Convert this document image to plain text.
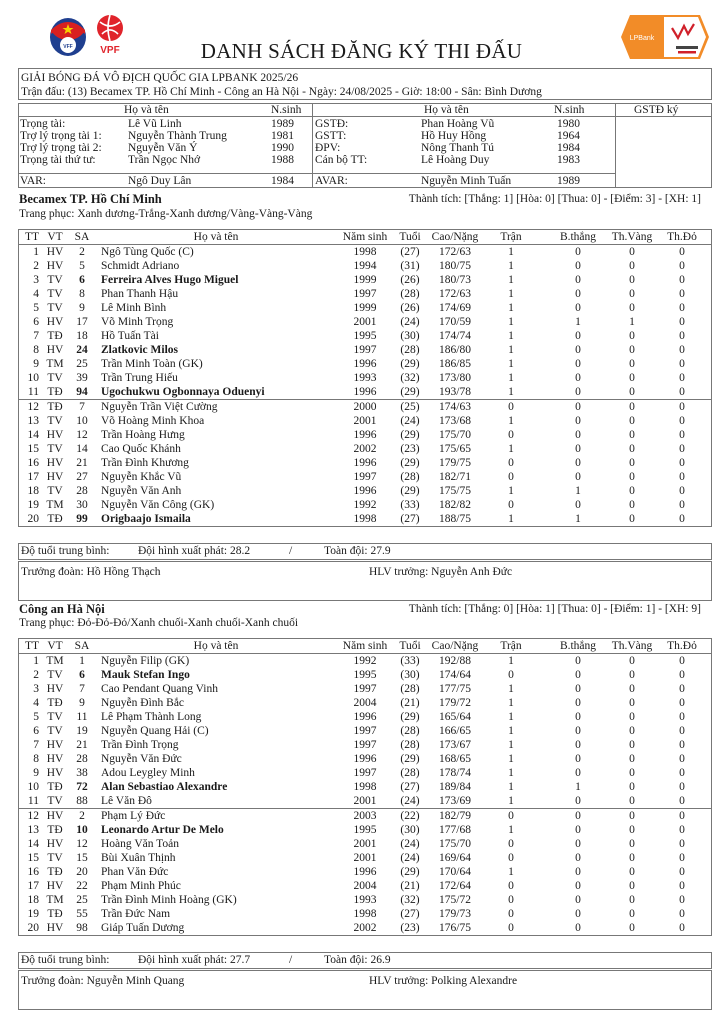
VFF	VPF
LPBank
DANH SÁCH ĐĂNG KÝ THI ĐẤU
GIẢI BÓNG ĐÁ VÔ ĐỊCH QUỐC GIA LPBANK 2025/26
Trận đấu: (13) Becamex TP. Hồ Chí Minh - Công an Hà Nội - Ngày: 24/08/2025 - Giờ: 18:00 - Sân: Bình Dương
Họ và tên	N.sinh	Họ và tên	N.sinh	GSTĐ ký
Trọng tài:	Lê Vũ Linh	1989
Trợ lý trọng tài 1: Nguyễn Thành Trung	1981
Trợ lý trọng tài 2: Nguyễn Văn Ý	1990
Trọng tài thứ tư:	Trần Ngọc Nhớ	1988
VAR:	Ngô Duy Lân	1984
GSTĐ:	Phan Hoàng Vũ	1980
GSTT:	Hồ Huy Hồng	1964
ĐPV:	Nông Thanh Tú	1984
Cán bộ TT:	Lê Hoàng Duy	1983
AVAR:	Nguyễn Minh Tuấn	1989
Becamex TP. Hồ Chí Minh	Thành tích: [Thắng: 1] [Hòa: 0] [Thua: 0] - [Điểm: 3] - [XH: 1]
Trang phục: Xanh dương-Trắng-Xanh dương/Vàng-Vàng-Vàng
TT VT	SA	Họ và tên	Năm sinh	Tuổi Cao/Nặng	Trận	B.thắng	Th.Vàng	Th.Đỏ
1 HV	2	Ngô Tùng Quốc (C)	1998	(27)	172/63	1	0	0	0
2 HV	5	Schmidt Adriano	1994	(31)	180/75	1	0	0	0
3 TV	6	Ferreira Alves Hugo Miguel	1999	(26)	180/73	1	0	0	0
4 TV	8	Phan Thanh Hậu	1997	(28)	172/63	1	0	0	0
5 TV	9	Lê Minh Bình	1999	(26)	174/69	1	0	0	0
6 HV	17	Võ Minh Trọng	2001	(24)	170/59	1	1	1	0
7 TĐ	18	Hồ Tuấn Tài	1995	(30)	174/74	1	0	0	0
8 HV	24	Zlatkovic Milos	1997	(28)	186/80	1	0	0	0
9 TM	25	Trần Minh Toàn (GK)	1996	(29)	186/85	1	0	0	0
10 TV	39	Trần Trung Hiếu	1993	(32)	173/80	1	0	0	0
11 TĐ	94	Ugochukwu Ogbonnaya Oduenyi	1996	(29)	193/78	1	0	0	0
12 TĐ	7	Nguyễn Trần Việt Cường	2000	(25)	174/63	0	0	0	0
13 TV	10	Võ Hoàng Minh Khoa	2001	(24)	173/68	1	0	0	0
14 HV	12	Trần Hoàng Hưng	1996	(29)	175/70	0	0	0	0
15 TV	14	Cao Quốc Khánh	2002	(23)	175/65	1	0	0	0
16 HV	21	Trần Đình Khương	1996	(29)	179/75	0	0	0	0
17 HV	27	Nguyễn Khắc Vũ	1997	(28)	182/71	0	0	0	0
18 TV	28	Nguyễn Văn Anh	1996	(29)	175/75	1	1	0	0
19 TM	30	Nguyễn Văn Công (GK)	1992	(33)	182/82	0	0	0	0
20 TĐ	99	Origbaajo Ismaila	1998	(27)	188/75	1	1	0	0
Độ tuổi trung bình: Đội hình xuất phát: 28.2	/	Toàn đội: 27.9
Trưởng đoàn: Hồ Hồng Thạch	HLV trưởng: Nguyễn Anh Đức
Công an Hà Nội	Thành tích: [Thắng: 0] [Hòa: 1] [Thua: 0] - [Điểm: 1] - [XH: 9]
Trang phục: Đỏ-Đỏ-Đỏ/Xanh chuối-Xanh chuối-Xanh chuối
TT VT	SA	Họ và tên	Năm sinh	Tuổi Cao/Nặng	Trận	B.thắng	Th.Vàng	Th.Đỏ
1 TM	1	Nguyễn Filip (GK)	1992	(33)	192/88	1	0	0	0
2 TV	6	Mauk Stefan Ingo	1995	(30)	174/64	0	0	0	0
3 HV	7	Cao Pendant Quang Vinh	1997	(28)	177/75	1	0	0	0
4 TĐ	9	Nguyễn Đình Bắc	2004	(21)	179/72	1	0	0	0
5 TV	11	Lê Phạm Thành Long	1996	(29)	165/64	1	0	0	0
6 TV	19	Nguyễn Quang Hải (C)	1997	(28)	166/65	1	0	0	0
7 HV	21	Trần Đình Trọng	1997	(28)	173/67	1	0	0	0
8 HV	28	Nguyễn Văn Đức	1996	(29)	168/65	1	0	0	0
9 HV	38	Adou Leygley Minh	1997	(28)	178/74	1	0	0	0
10 TĐ	72	Alan Sebastiao Alexandre	1998	(27)	189/84	1	1	0	0
11 TV	88	Lê Văn Đô	2001	(24)	173/69	1	0	0	0
12 HV	2	Phạm Lý Đức	2003	(22)	182/79	0	0	0	0
13 TĐ	10	Leonardo Artur De Melo	1995	(30)	177/68	1	0	0	0
14 HV	12	Hoàng Văn Toản	2001	(24)	175/70	0	0	0	0
15 TV	15	Bùi Xuân Thịnh	2001	(24)	169/64	0	0	0	0
16 TĐ	20	Phan Văn Đức	1996	(29)	170/64	1	0	0	0
17 HV	22	Phạm Minh Phúc	2004	(21)	172/64	0	0	0	0
18 TM	25	Trần Đình Minh Hoàng (GK)	1993	(32)	175/72	0	0	0	0
19 TĐ	55	Trần Đức Nam	1998	(27)	179/73	0	0	0	0
20 HV	98	Giáp Tuấn Dương	2002	(23)	176/75	0	0	0	0
Độ tuổi trung bình: Đội hình xuất phát: 27.7	/	Toàn đội: 26.9
Trưởng đoàn: Nguyễn Minh Quang	HLV trưởng: Polking Alexandre
